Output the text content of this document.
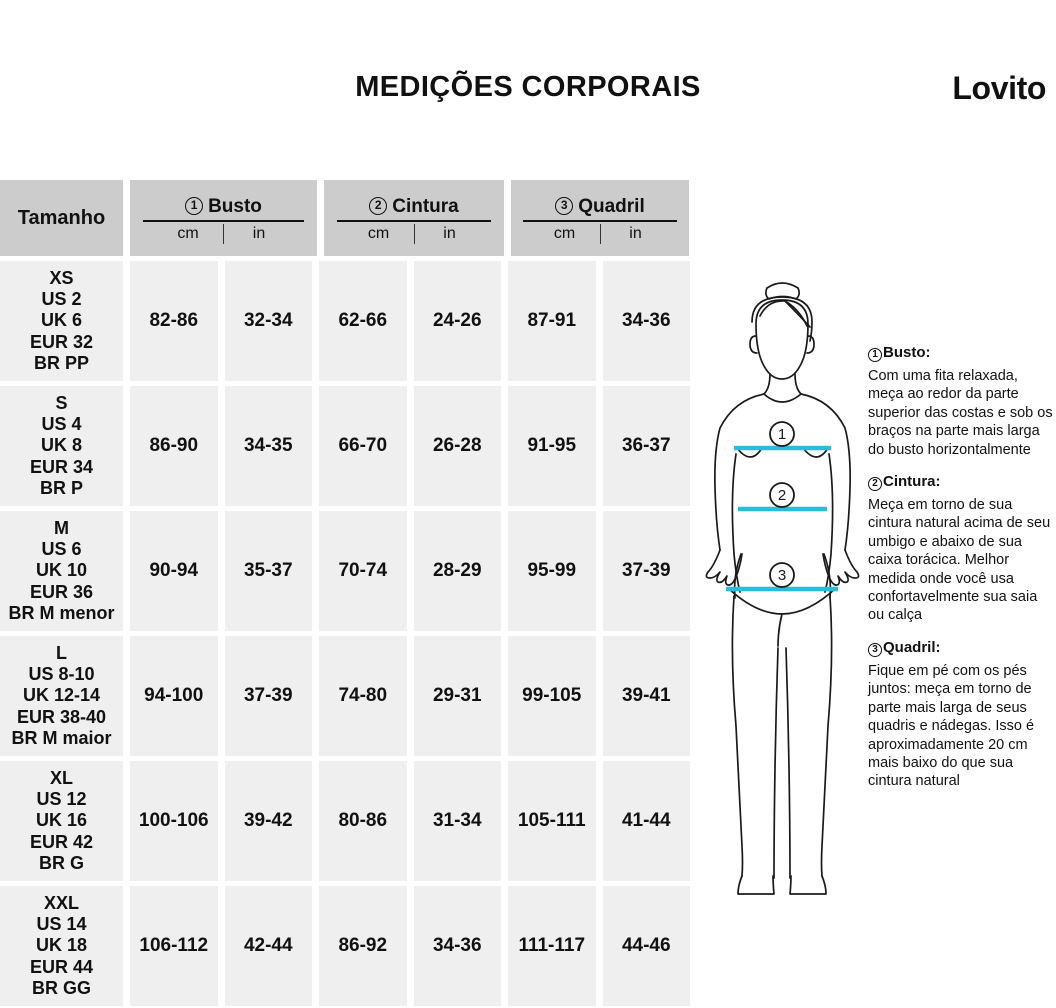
MEDIÇÕES CORPORAIS	Lovito
Tamanho
1 Busto
cm	in
2 Cintura
cm	in
3 Quadril
cm	in
XS
US 2
UK 6
EUR 32
BR PP
82-86	32-34	62-66	24-26	87-91	34-36
S
US 4
UK 8
EUR 34
BR P
86-90	34-35	66-70	26-28	91-95	36-37
M
US 6
UK 10
EUR 36
BR M menor
90-94	35-37	70-74	28-29	95-99	37-39
L
US 8-10
UK 12-14
EUR 38-40
BR M maior
94-100	37-39	74-80	29-31	99-105	39-41
XL
US 12
UK 16
EUR 42
BR G
100-106	39-42	80-86	31-34	105-111	41-44
XXL
US 14
UK 18
EUR 44
BR GG
106-112	42-44	86-92	34-36	111-117	44-46
1
2
3
1 Busto:
Com uma fita relaxada, meça ao redor da parte superior das costas e sob os braços na parte mais larga do busto horizontalmente
2 Cintura:
Meça em torno de sua cintura natural acima de seu umbigo e abaixo de sua caixa torácica. Melhor medida onde você usa confortavelmente sua saia ou calça
3 Quadril:
Fique em pé com os pés juntos: meça em torno de parte mais larga de seus quadris e nádegas. Isso é aproximadamente 20 cm mais baixo do que sua cintura natural
